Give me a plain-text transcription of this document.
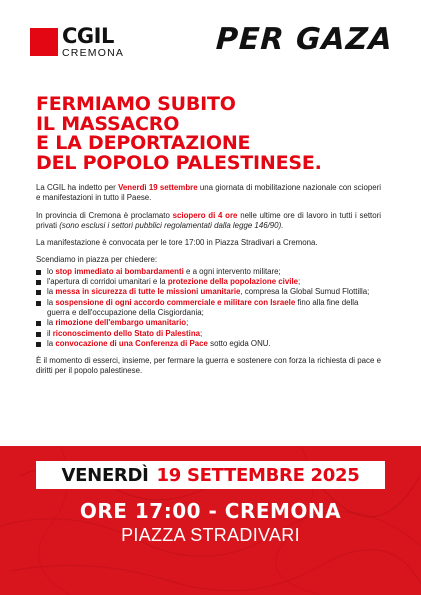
CGIL
CREMONA	PER GAZA
FERMIAMO SUBITO
IL MASSACRO
E LA DEPORTAZIONE
DEL POPOLO PALESTINESE.

La CGIL ha indetto per Venerdì 19 settembre una giornata di mobilitazione nazionale con scioperi e manifestazioni in tutto il Paese.

In provincia di Cremona è proclamato sciopero di 4 ore nelle ultime ore di lavoro in tutti i settori privati (sono esclusi i settori pubblici regolamentati dalla legge 146/90).

La manifestazione è convocata per le tore 17:00 in Piazza Stradivari a Cremona.

Scendiamo in piazza per chiedere:

lo stop immediato ai bombardamenti e a ogni intervento militare;
l'apertura di corridoi umanitari e la protezione della popolazione civile;
la messa in sicurezza di tutte le missioni umanitarie, compresa la Global Sumud Flottilla;
la sospensione di ogni accordo commerciale e militare con Israele fino alla fine della guerra e dell'occupazione della Cisgiordania;
la rimozione dell'embargo umanitario;
il riconoscimento dello Stato di Palestina;
la convocazione di una Conferenza di Pace sotto egida ONU.

È il momento di esserci, insieme, per fermare la guerra e sostenere con forza la richiesta di pace e diritti per il popolo palestinese.

VENERDÌ 19 SETTEMBRE 2025
ORE 17:00 - CREMONA
PIAZZA STRADIVARI
